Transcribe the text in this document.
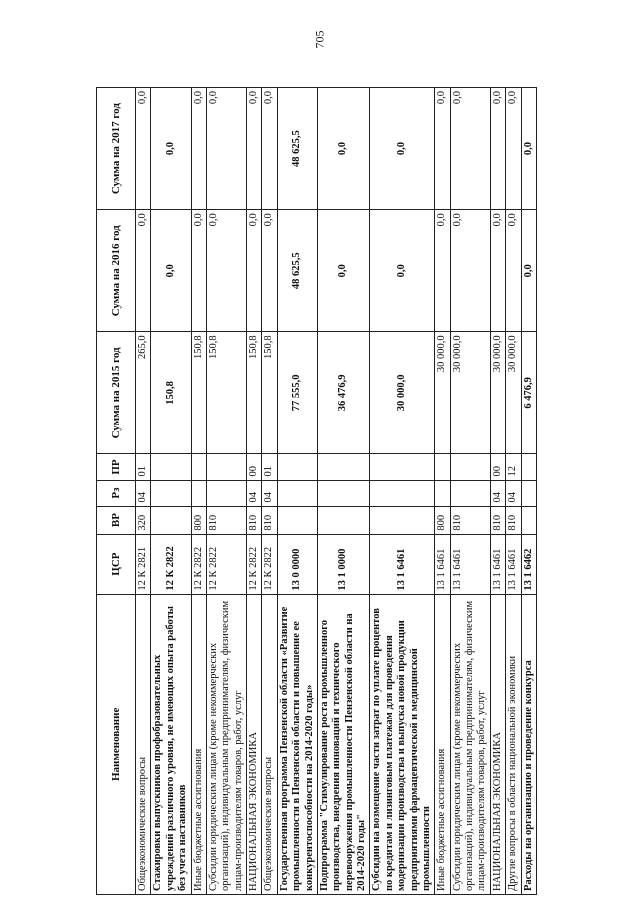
705
Наименование	ЦСР	ВР	Рз	ПР	Сумма на 2015 год	Сумма на 2016 год	Сумма на 2017 год
Общеэкономические вопросы	12 К 2821	320	04	01	265,0	0,0	0,0
Стажировки выпускников профобразовательных учреждений различного уровня, не имеющих опыта работы без учета наставников	12 К 2822				150,8	0,0	0,0
Иные бюджетные ассигнования	12 К 2822	800			150,8	0,0	0,0
Субсидии юридическим лицам (кроме некоммерческих организаций), индивидуальным предпринимателям, физическим лицам-производителям товаров, работ, услуг	12 К 2822	810			150,8	0,0	0,0
НАЦИОНАЛЬНАЯ ЭКОНОМИКА	12 К 2822	810	04	00	150,8	0,0	0,0
Общеэкономические вопросы	12 К 2822	810	04	01	150,8	0,0	0,0
Государственная программа Пензенской области «Развитие промышленности в Пензенской области и повышение ее конкурентоспособности на 2014-2020 годы»	13 0 0000				77 555,0	48 625,5	48 625,5
Подпрограмма "Стимулирование роста промышленного производства, внедрения инноваций и технического перевооружения промышленности Пензенской области на 2014-2020 годы"	13 1 0000				36 476,9	0,0	0,0
Субсидии на возмещение части затрат по уплате процентов по кредитам и лизинговым платежам для проведения модернизации производства и выпуска новой продукции предприятиями фармацевтической и медицинской промышленности	13 1 6461				30 000,0	0,0	0,0
Иные бюджетные ассигнования	13 1 6461	800			30 000,0	0,0	0,0
Субсидии юридическим лицам (кроме некоммерческих организаций), индивидуальным предпринимателям, физическим лицам-производителям товаров, работ, услуг	13 1 6461	810			30 000,0	0,0	0,0
НАЦИОНАЛЬНАЯ ЭКОНОМИКА	13 1 6461	810	04	00	30 000,0	0,0	0,0
Другие вопросы в области национальной экономики	13 1 6461	810	04	12	30 000,0	0,0	0,0
Расходы на организацию и проведение конкурса	13 1 6462				6 476,9	0,0	0,0
